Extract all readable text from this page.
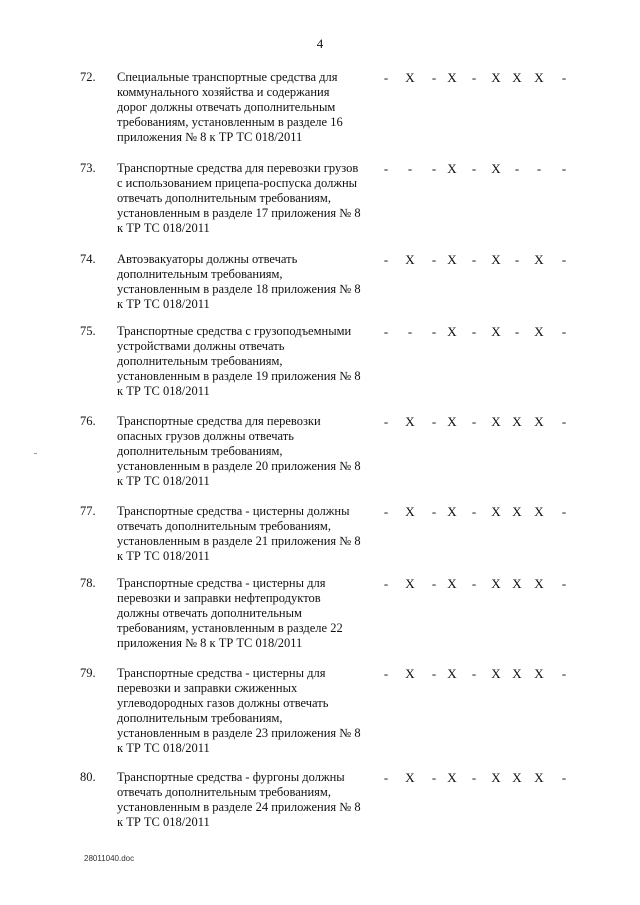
4
72. Специальные транспортные средства для
коммунального хозяйства и содержания
дорог должны отвечать дополнительным
требованиям, установленным в разделе 16
приложения № 8 к ТР ТС 018/2011
- X - X - X X X -
73. Транспортные средства для перевозки грузов
с использованием прицепа-роспуска должны
отвечать дополнительным требованиям,
установленным в разделе 17 приложения № 8
к ТР ТС 018/2011
- - - X - X - - -
74. Автоэвакуаторы должны отвечать
дополнительным требованиям,
установленным в разделе 18 приложения № 8
к ТР ТС 018/2011
- X - X - X - X -
75. Транспортные средства с грузоподъемными
устройствами должны отвечать
дополнительным требованиям,
установленным в разделе 19 приложения № 8
к ТР ТС 018/2011
- - - X - X - X -
76. Транспортные средства для перевозки
опасных грузов должны отвечать
дополнительным требованиям,
установленным в разделе 20 приложения № 8
к ТР ТС 018/2011
- X - X - X X X -
77. Транспортные средства - цистерны должны
отвечать дополнительным требованиям,
установленным в разделе 21 приложения № 8
к ТР ТС 018/2011
- X - X - X X X -
78. Транспортные средства - цистерны для
перевозки и заправки нефтепродуктов
должны отвечать дополнительным
требованиям, установленным в разделе 22
приложения № 8 к ТР ТС 018/2011
- X - X - X X X -
79. Транспортные средства - цистерны для
перевозки и заправки сжиженных
углеводородных газов должны отвечать
дополнительным требованиям,
установленным в разделе 23 приложения № 8
к ТР ТС 018/2011
- X - X - X X X -
80. Транспортные средства - фургоны должны
отвечать дополнительным требованиям,
установленным в разделе 24 приложения № 8
к ТР ТС 018/2011
- X - X - X X X -
28011040.doc
